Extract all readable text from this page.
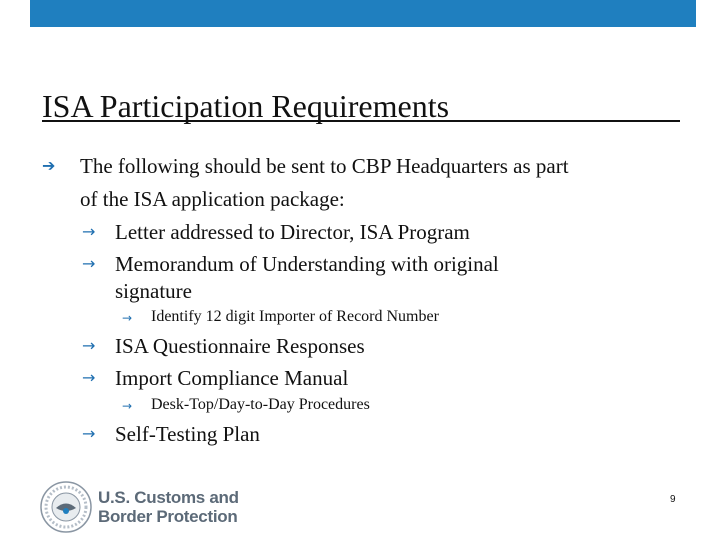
ISA Participation Requirements
➔ The following should be sent to CBP Headquarters as part
of the ISA application package:
→ Letter addressed to Director, ISA Program
→ Memorandum of Understanding with original
signature
→ Identify 12 digit Importer of Record Number
→ ISA Questionnaire Responses
→ Import Compliance Manual
→ Desk-Top/Day-to-Day Procedures
→ Self-Testing Plan
U.S. Customs and
Border Protection
9
